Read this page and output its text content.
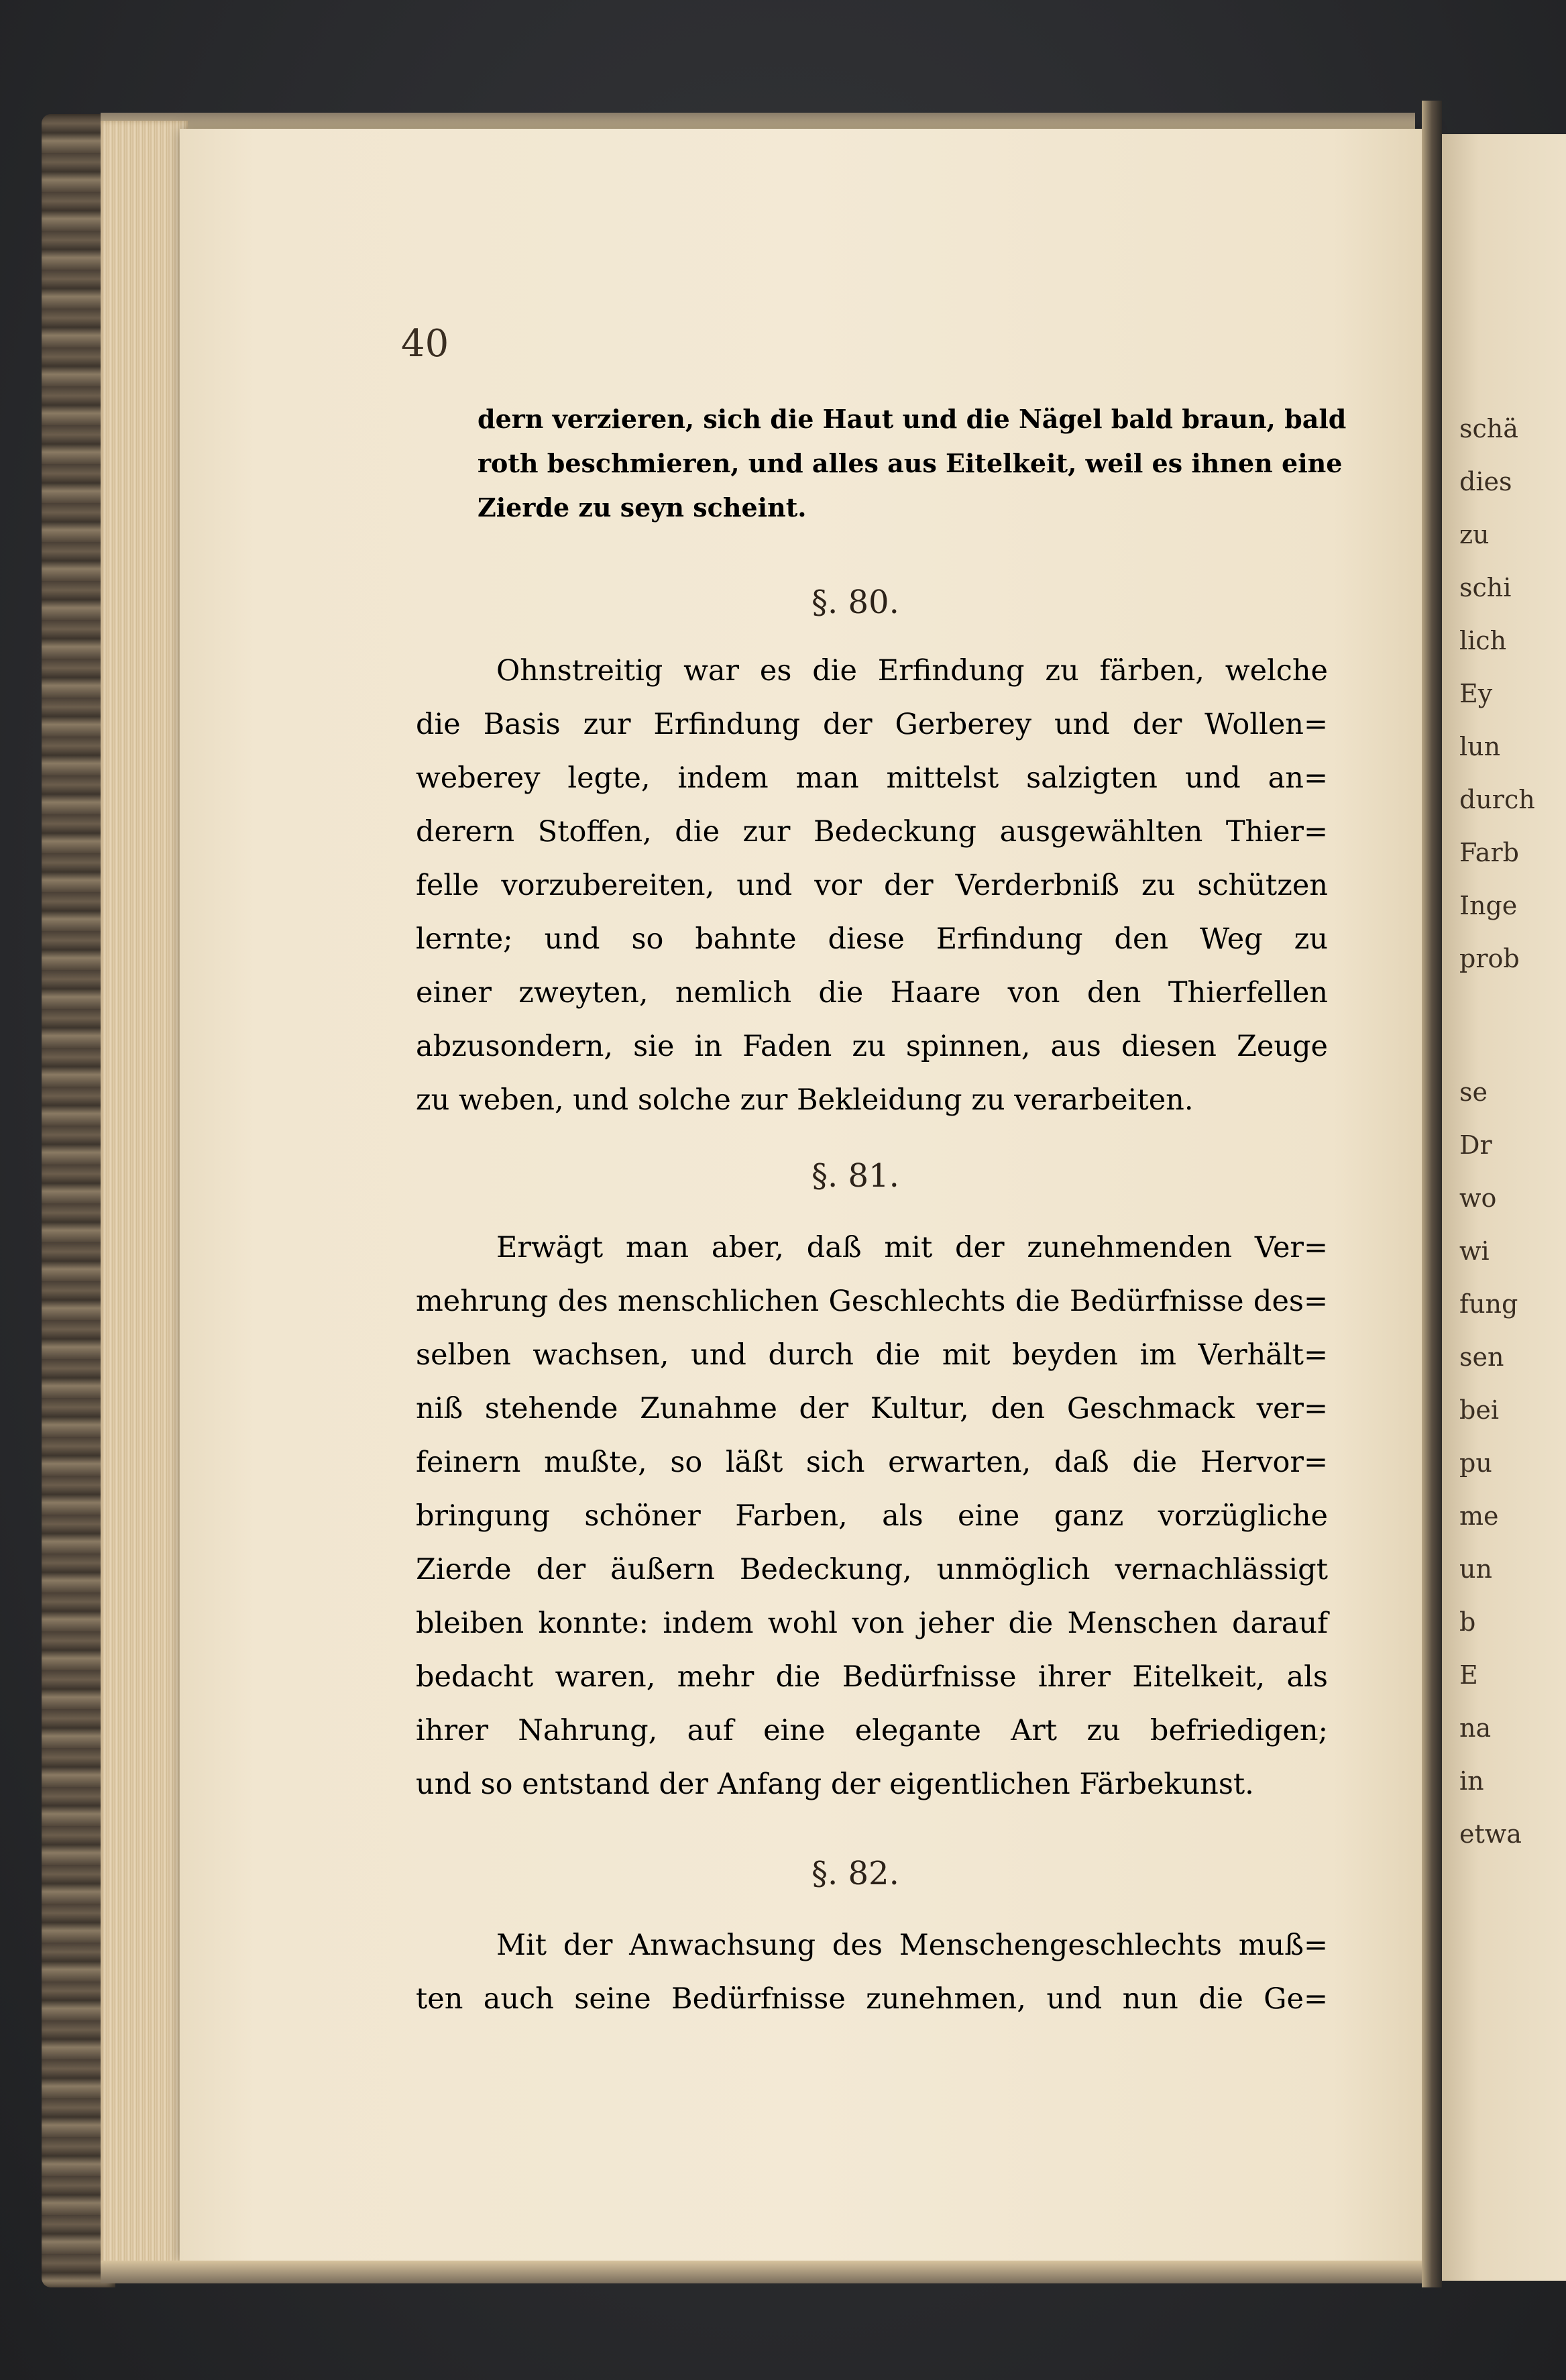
schä
dies
zu
schi
lich
Ey
lun
durch
Farb
Inge
prob
se
Dr
wo
wi
fung
sen
bei
pu
me
un
b
E
na
in
etwa
40
dern verzieren, sich die Haut und die Nägel bald braun, bald
roth beschmieren, und alles aus Eitelkeit, weil es ihnen eine
Zierde zu seyn scheint.
§. 80.
Ohnstreitig war es die Erfindung zu färben, welche
die Basis zur Erfindung der Gerberey und der Wollen=
weberey legte, indem man mittelst salzigten und an=
derern Stoffen, die zur Bedeckung ausgewählten Thier=
felle vorzubereiten, und vor der Verderbniß zu schützen
lernte; und so bahnte diese Erfindung den Weg zu
einer zweyten, nemlich die Haare von den Thierfellen
abzusondern, sie in Faden zu spinnen, aus diesen Zeuge
zu weben, und solche zur Bekleidung zu verarbeiten.
§. 81.
Erwägt man aber, daß mit der zunehmenden Ver=
mehrung des menschlichen Geschlechts die Bedürfnisse des=
selben wachsen, und durch die mit beyden im Verhält=
niß stehende Zunahme der Kultur, den Geschmack ver=
feinern mußte, so läßt sich erwarten, daß die Hervor=
bringung schöner Farben, als eine ganz vorzügliche
Zierde der äußern Bedeckung, unmöglich vernachlässigt
bleiben konnte: indem wohl von jeher die Menschen darauf
bedacht waren, mehr die Bedürfnisse ihrer Eitelkeit, als
ihrer Nahrung, auf eine elegante Art zu befriedigen;
und so entstand der Anfang der eigentlichen Färbekunst.
§. 82.
Mit der Anwachsung des Menschengeschlechts muß=
ten auch seine Bedürfnisse zunehmen, und nun die Ge=
